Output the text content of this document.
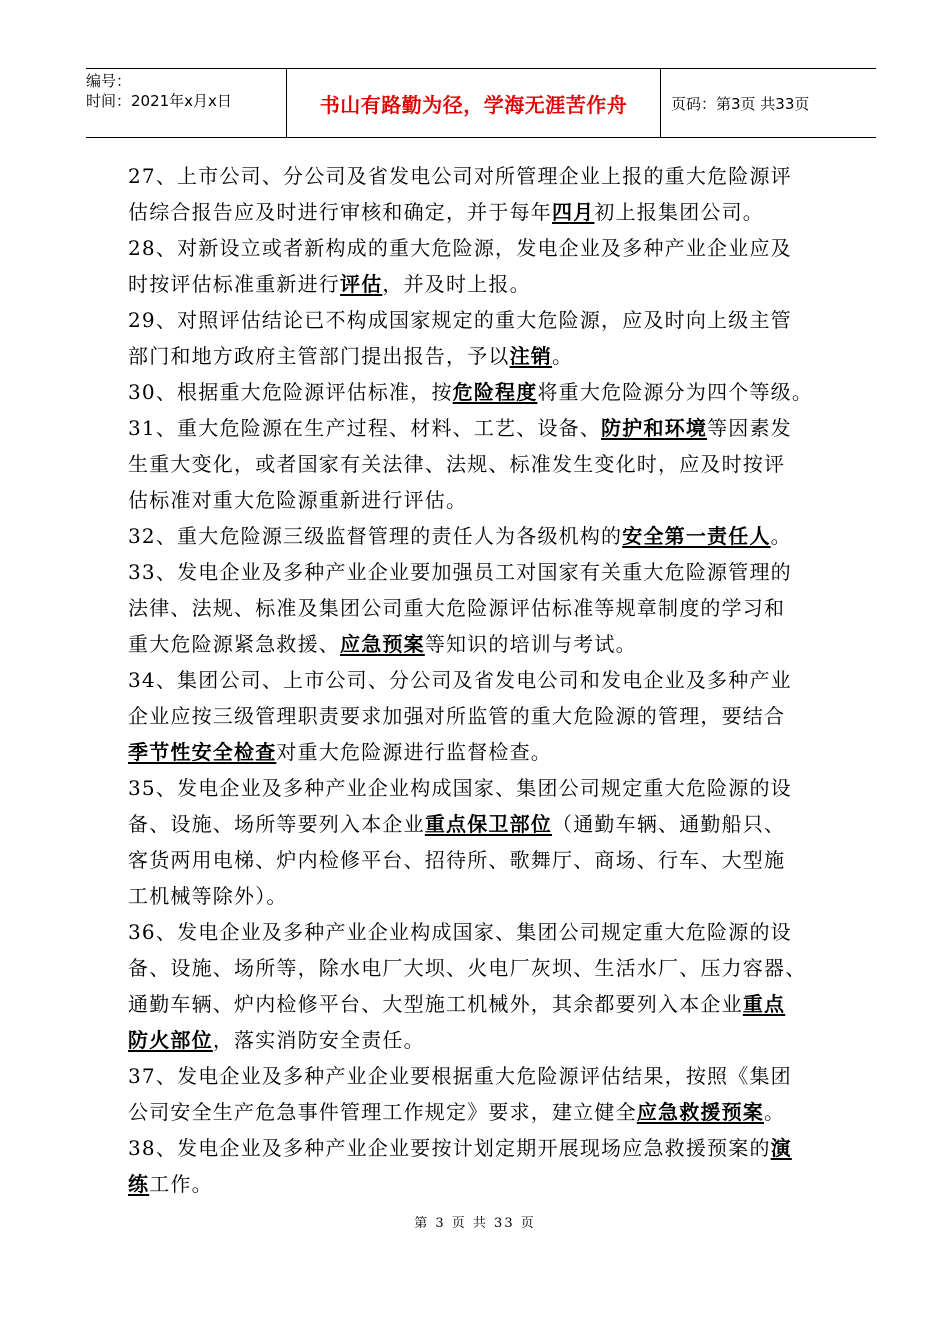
编号：
时间：2021年x月x日	书山有路勤为径，学海无涯苦作舟	页码：第3页 共33页
27、上市公司、分公司及省发电公司对所管理企业上报的重大危险源评
估综合报告应及时进行审核和确定，并于每年四月初上报集团公司。
28、对新设立或者新构成的重大危险源，发电企业及多种产业企业应及
时按评估标准重新进行评估，并及时上报。
29、对照评估结论已不构成国家规定的重大危险源，应及时向上级主管
部门和地方政府主管部门提出报告，予以注销。
30、根据重大危险源评估标准，按危险程度将重大危险源分为四个等级。
31、重大危险源在生产过程、材料、工艺、设备、防护和环境等因素发
生重大变化，或者国家有关法律、法规、标准发生变化时，应及时按评
估标准对重大危险源重新进行评估。
32、重大危险源三级监督管理的责任人为各级机构的安全第一责任人。
33、发电企业及多种产业企业要加强员工对国家有关重大危险源管理的
法律、法规、标准及集团公司重大危险源评估标准等规章制度的学习和
重大危险源紧急救援、应急预案等知识的培训与考试。
34、集团公司、上市公司、分公司及省发电公司和发电企业及多种产业
企业应按三级管理职责要求加强对所监管的重大危险源的管理，要结合
季节性安全检查对重大危险源进行监督检查。
35、发电企业及多种产业企业构成国家、集团公司规定重大危险源的设
备、设施、场所等要列入本企业重点保卫部位（通勤车辆、通勤船只、
客货两用电梯、炉内检修平台、招待所、歌舞厅、商场、行车、大型施
工机械等除外）。
36、发电企业及多种产业企业构成国家、集团公司规定重大危险源的设
备、设施、场所等，除水电厂大坝、火电厂灰坝、生活水厂、压力容器、
通勤车辆、炉内检修平台、大型施工机械外，其余都要列入本企业重点
防火部位，落实消防安全责任。
37、发电企业及多种产业企业要根据重大危险源评估结果，按照《集团
公司安全生产危急事件管理工作规定》要求，建立健全应急救援预案。
38、发电企业及多种产业企业要按计划定期开展现场应急救援预案的演
练工作。
第 3 页 共 33 页
